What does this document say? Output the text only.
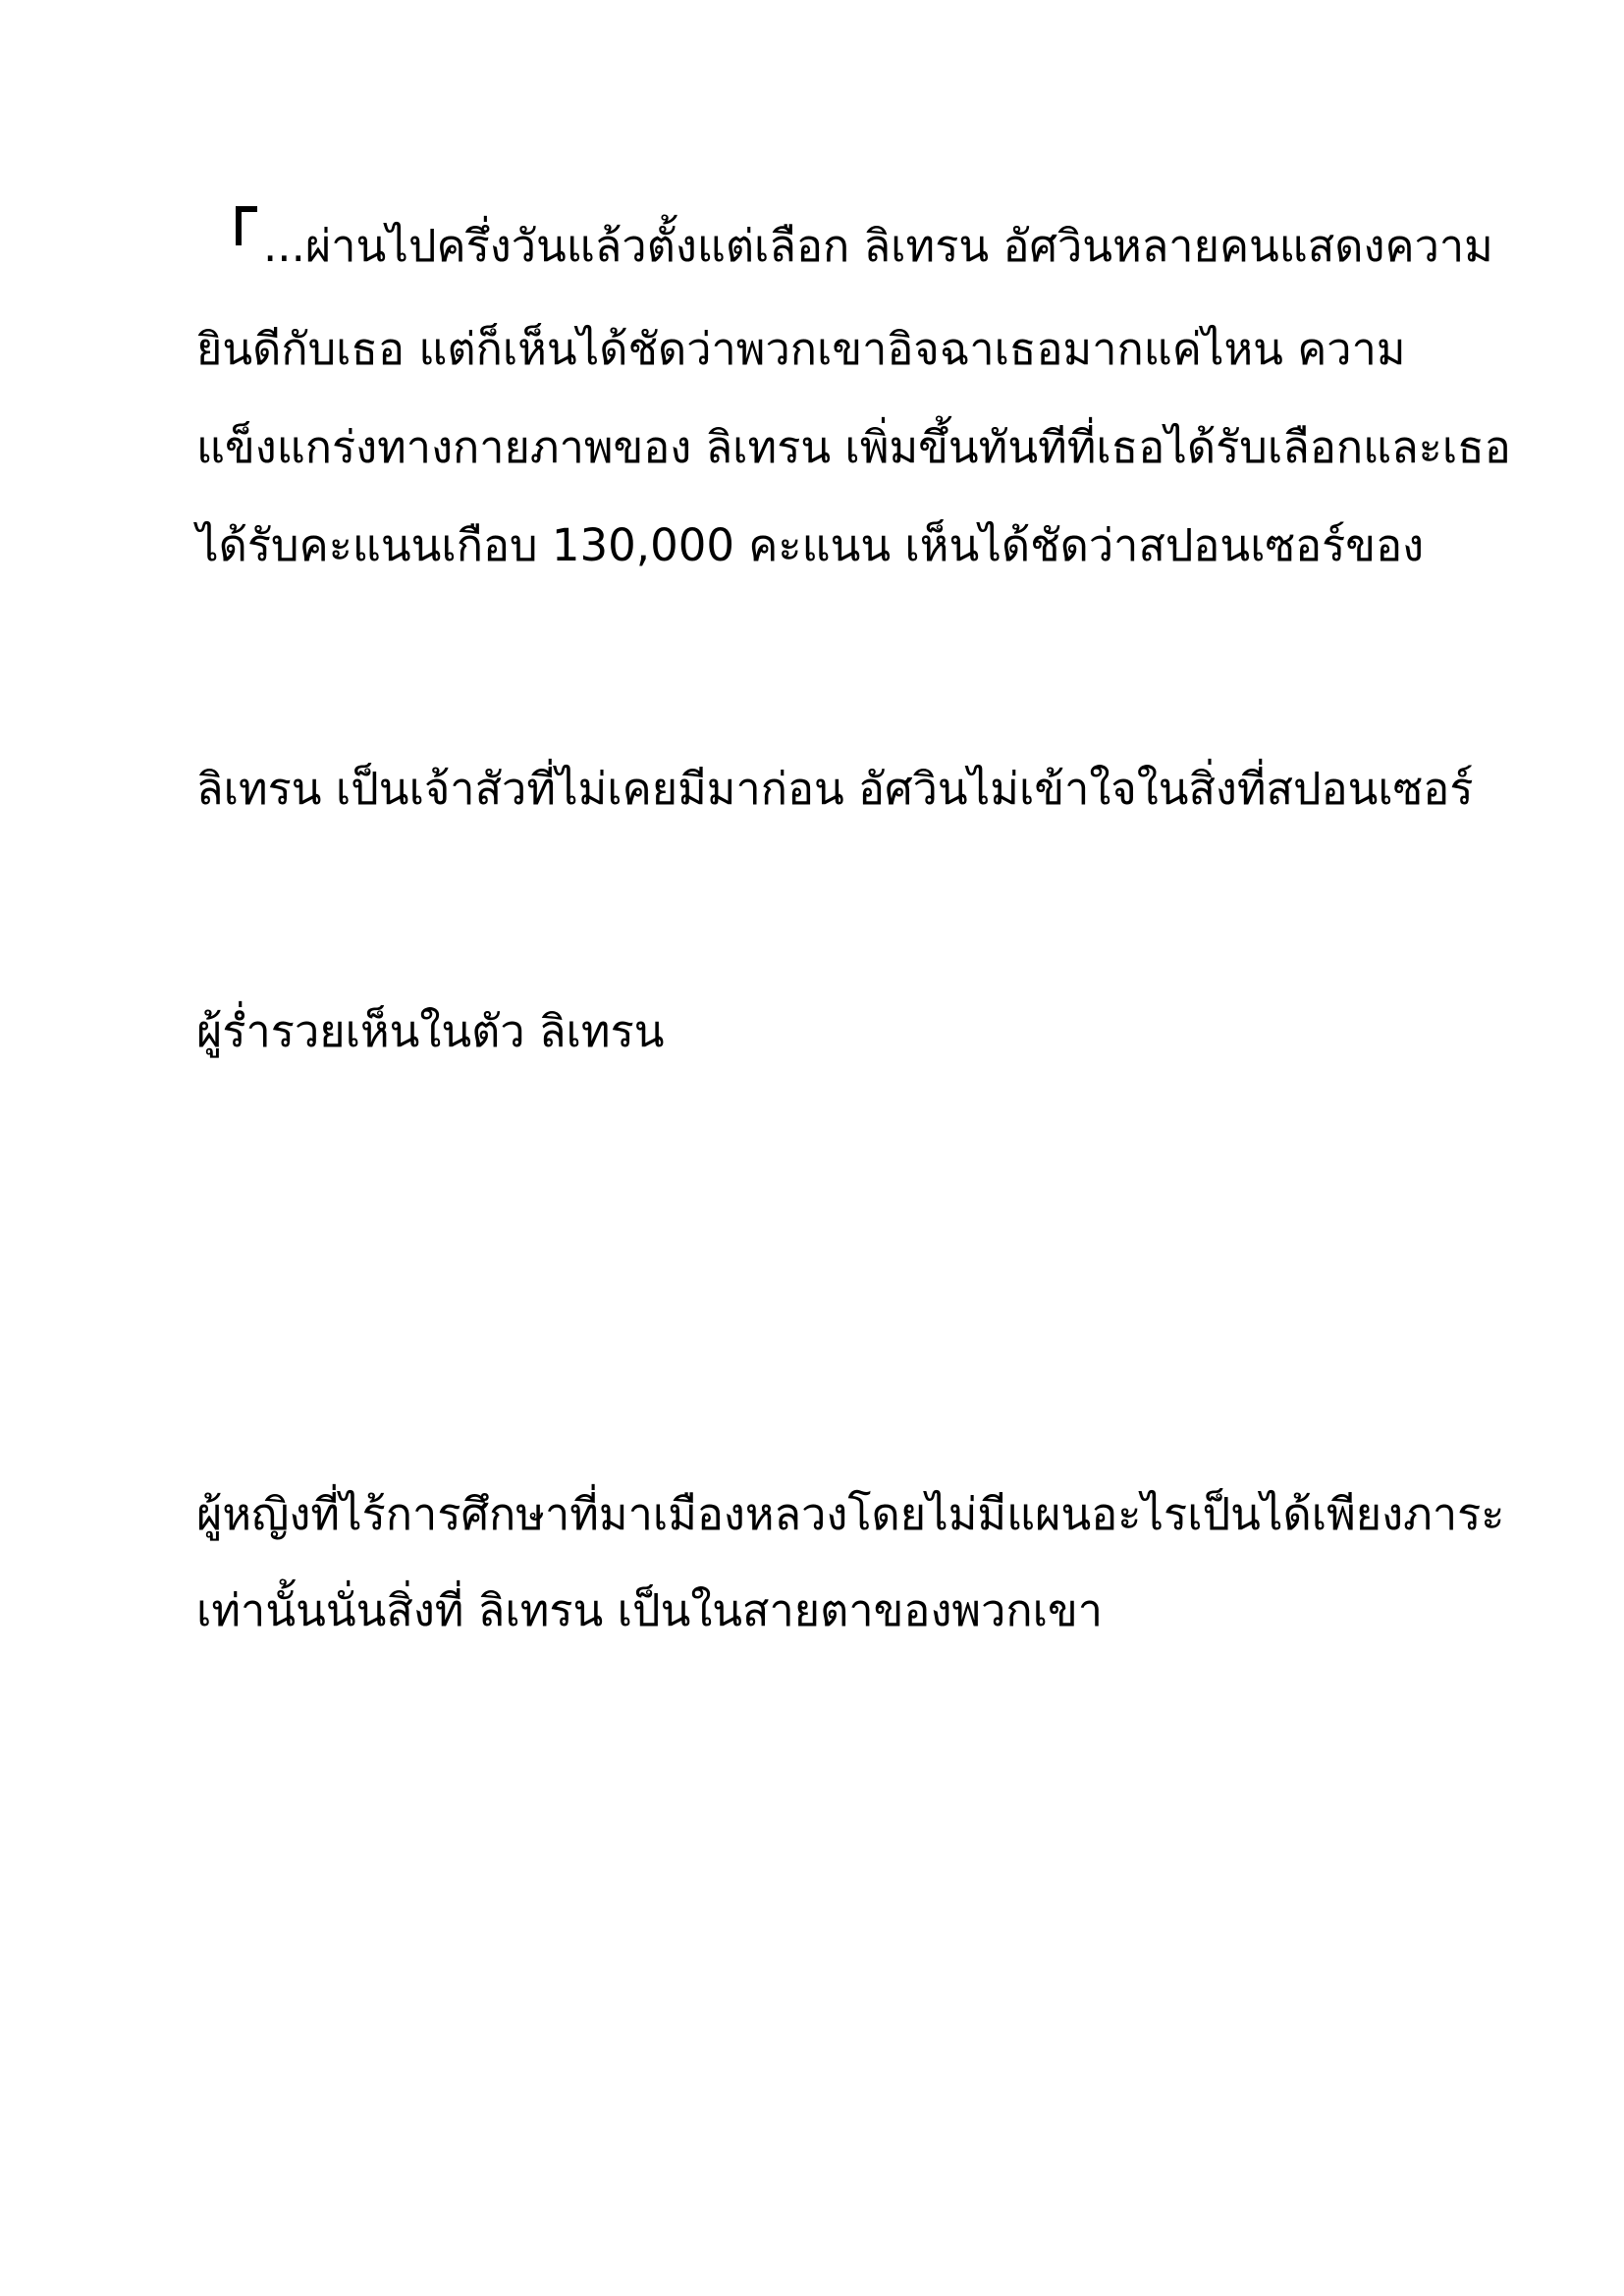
...ผ่านไปครึ่งวันแล้วตั้งแต่เลือก ลิเทรน อัศวินหลายคนแสดงความ
ยินดีกับเธอ แต่ก็เห็นได้ชัดว่าพวกเขาอิจฉาเธอมากแค่ไหน ความ
แข็งแกร่งทางกายภาพของ ลิเทรน เพิ่มขึ้นทันทีที่เธอได้รับเลือกและเธอ
ได้รับคะแนนเกือบ 130,000 คะแนน เห็นได้ชัดว่าสปอนเซอร์ของ
ลิเทรน เป็นเจ้าสัวที่ไม่เคยมีมาก่อน อัศวินไม่เข้าใจในสิ่งที่สปอนเซอร์
ผู้ร่ำรวยเห็นในตัว ลิเทรน
ผู้หญิงที่ไร้การศึกษาที่มาเมืองหลวงโดยไม่มีแผนอะไรเป็นได้เพียงภาระ
เท่านั้นนั่นสิ่งที่ ลิเทรน เป็นในสายตาของพวกเขา
